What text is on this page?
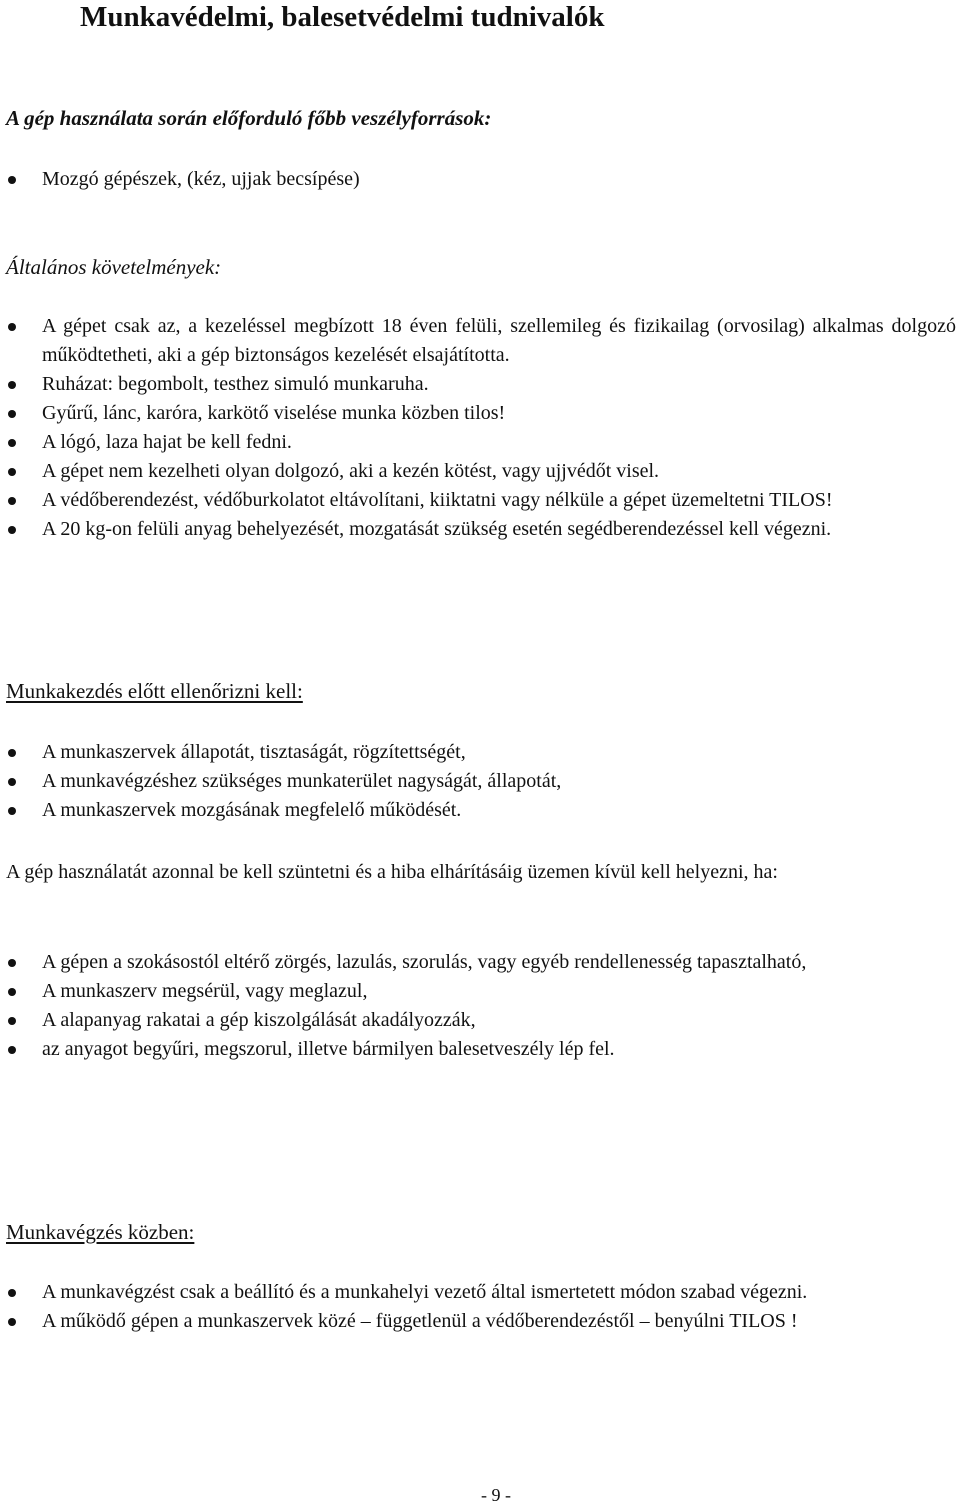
Munkavédelmi, balesetvédelmi tudnivalók
A gép használata során előforduló főbb veszélyforrások:
Mozgó gépészek, (kéz, ujjak becsípése)
Általános követelmények:
A gépet csak az, a kezeléssel megbízott 18 éven felüli, szellemileg és fizikailag (orvosilag) alkalmas dolgozó működtetheti, aki a gép biztonságos kezelését elsajátította.
Ruházat: begombolt, testhez simuló munkaruha.
Gyűrű, lánc, karóra, karkötő viselése munka közben tilos!
A lógó, laza hajat be kell fedni.
A gépet nem kezelheti olyan dolgozó, aki a kezén kötést, vagy ujjvédőt visel.
A védőberendezést, védőburkolatot eltávolítani, kiiktatni vagy nélküle a gépet üzemeltetni TILOS!
A 20 kg-on felüli anyag behelyezését, mozgatását szükség esetén segédberendezéssel kell végezni.
Munkakezdés előtt ellenőrizni kell:
A munkaszervek állapotát, tisztaságát, rögzítettségét,
A munkavégzéshez szükséges munkaterület nagyságát, állapotát,
A munkaszervek mozgásának megfelelő működését.

A gép használatát azonnal be kell szüntetni és a hiba elhárításáig üzemen kívül kell helyezni, ha:

A gépen a szokásostól eltérő zörgés, lazulás, szorulás, vagy egyéb rendellenesség tapasztalható,
A munkaszerv megsérül, vagy meglazul,
A alapanyag rakatai a gép kiszolgálását akadályozzák,
az anyagot begyűri, megszorul, illetve bármilyen balesetveszély lép fel.
Munkavégzés közben:
A munkavégzést csak a beállító és a munkahelyi vezető által ismertetett módon szabad végezni.
A működő gépen a munkaszervek közé – függetlenül a védőberendezéstől – benyúlni TILOS !
- 9 -
